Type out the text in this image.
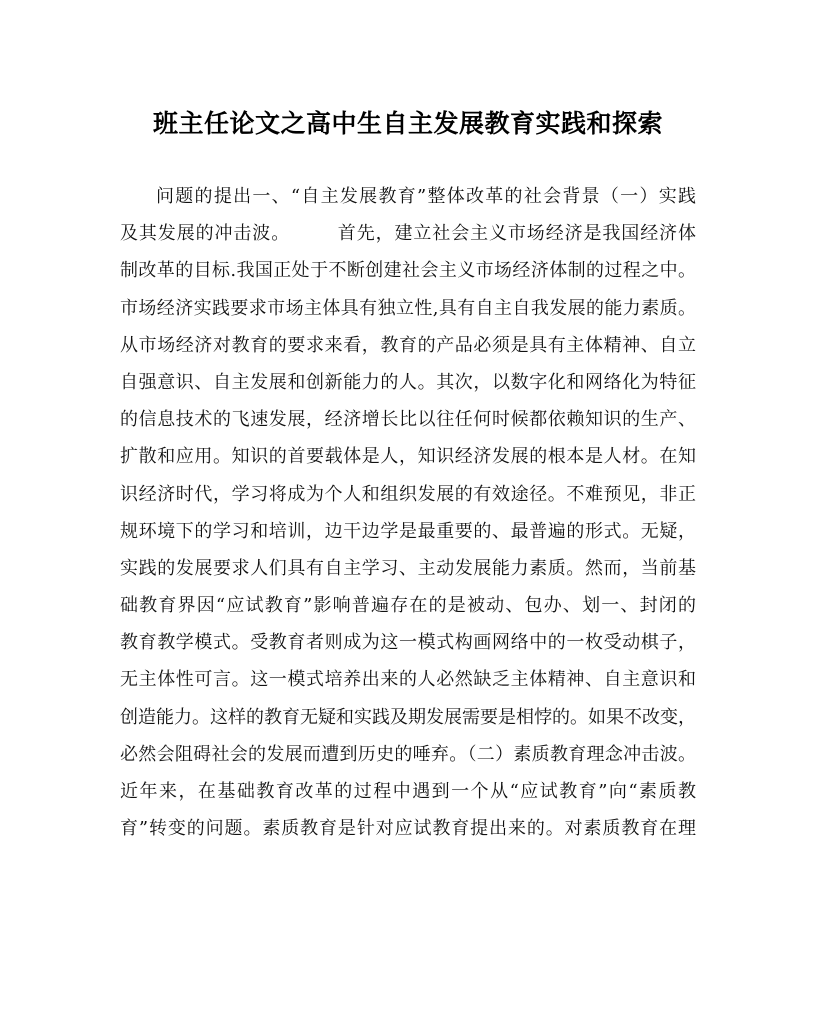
班主任论文之高中生自主发展教育实践和探索
问题的提出一、“自主发展教育”整体改革的社会背景（一）实践
及其发展的冲击波。　　　首先，建立社会主义市场经济是我国经济体
制改革的目标.我国正处于不断创建社会主义市场经济体制的过程之中。
市场经济实践要求市场主体具有独立性,具有自主自我发展的能力素质。
从市场经济对教育的要求来看，教育的产品必须是具有主体精神、自立
自强意识、自主发展和创新能力的人。其次，以数字化和网络化为特征
的信息技术的飞速发展，经济增长比以往任何时候都依赖知识的生产、
扩散和应用。知识的首要载体是人，知识经济发展的根本是人材。在知
识经济时代，学习将成为个人和组织发展的有效途径。不难预见，非正
规环境下的学习和培训，边干边学是最重要的、最普遍的形式。无疑，
实践的发展要求人们具有自主学习、主动发展能力素质。然而，当前基
础教育界因“应试教育”影响普遍存在的是被动、包办、划一、封闭的
教育教学模式。受教育者则成为这一模式构画网络中的一枚受动棋子，
无主体性可言。这一模式培养出来的人必然缺乏主体精神、自主意识和
创造能力。这样的教育无疑和实践及期发展需要是相悖的。如果不改变，
必然会阻碍社会的发展而遭到历史的唾弃。（二）素质教育理念冲击波。
近年来，在基础教育改革的过程中遇到一个从“应试教育”向“素质教
育”转变的问题。素质教育是针对应试教育提出来的。对素质教育在理
